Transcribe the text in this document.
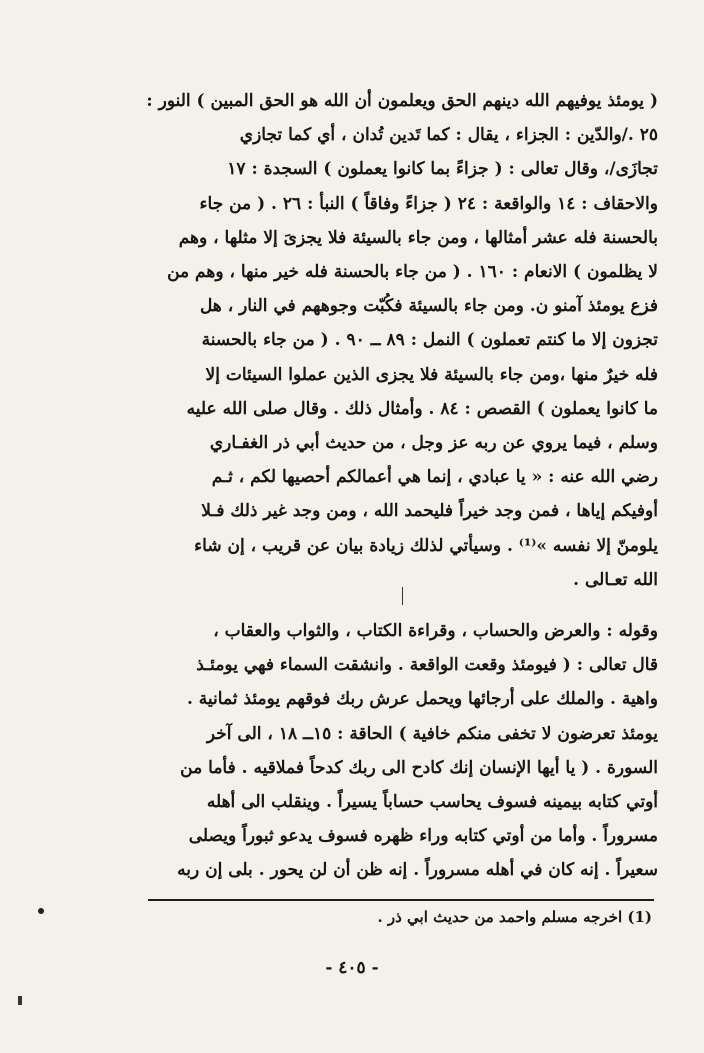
( يومئذ يوفيهم الله دينهم الحق ويعلمون أن الله هو الحق المبين ) النور :
٢٥ ./والدّين : الجزاء ، يقال : كما تَدين تُدان ، أي كما تجازي
تجازَى/، وقال تعالى : ( جزاءً بما كانوا يعملون ) السجدة : ١٧
والاحقاف : ١٤ والواقعة : ٢٤ ( جزاءً وفاقاً ) النبأ : ٢٦ . ( من جاء
بالحسنة فله عشر أمثالها ، ومن جاء بالسيئة فلا يجزىَ إلا مثلها ، وهم
لا يظلمون ) الانعام : ١٦٠ . ( من جاء بالحسنة فله خير منها ، وهم من
فزع يومئذ آمنو ن. ومن جاء بالسيئة فكُبّت وجوههم في النار ، هل
تجزون إلا ما كنتم تعملون ) النمل : ٨٩ ــ ٩٠ . ( من جاء بالحسنة
فله خيرٌ منها ،ومن جاء بالسيئة فلا يجزى الذين عملوا السيئات إلا
ما كانوا يعملون ) القصص : ٨٤ . وأمثال ذلك . وقال صلى الله عليه
وسلم ، فيما يروي عن ربه عز وجل ، من حديث أبي ذر الغفـاري
رضي الله عنه : « يا عبادي ، إنما هي أعمالكم أحصيها لكم ، ثـم
أوفيكم إياها ، فمن وجد خيراً فليحمد الله ، ومن وجد غير ذلك فـلا
يلومنّ إلا نفسه »⁽¹⁾ . وسيأتي لذلك زيادة بيان عن قريب ، إن شاء
الله تعـالى .

وقوله : والعرض والحساب ، وقراءة الكتاب ، والثواب والعقاب ،
قال تعالى : ( فيومئذ وقعت الواقعة . وانشقت السماء فهي يومئـذ
واهية . والملك على أرجائها ويحمل عرش ربك فوقهم يومئذ ثمانية .
يومئذ تعرضون لا تخفى منكم خافية ) الحاقة : ١٥ــ ١٨ ، الى آخر
السورة . ( يا أيها الإنسان إنك كادح الى ربك كدحاً فملاقيه . فأما من
أوتي كتابه بيمينه فسوف يحاسب حساباً يسيراً . وينقلب الى أهله
مسروراً . وأما من أوتي كتابه وراء ظهره فسوف يدعو ثبوراً ويصلى
سعيراً . إنه كان في أهله مسروراً . إنه ظن أن لن يحور . بلى إن ربه

(1) اخرجه مسلم واحمد من حديث ابي ذر .
- ٤٠٥ -
